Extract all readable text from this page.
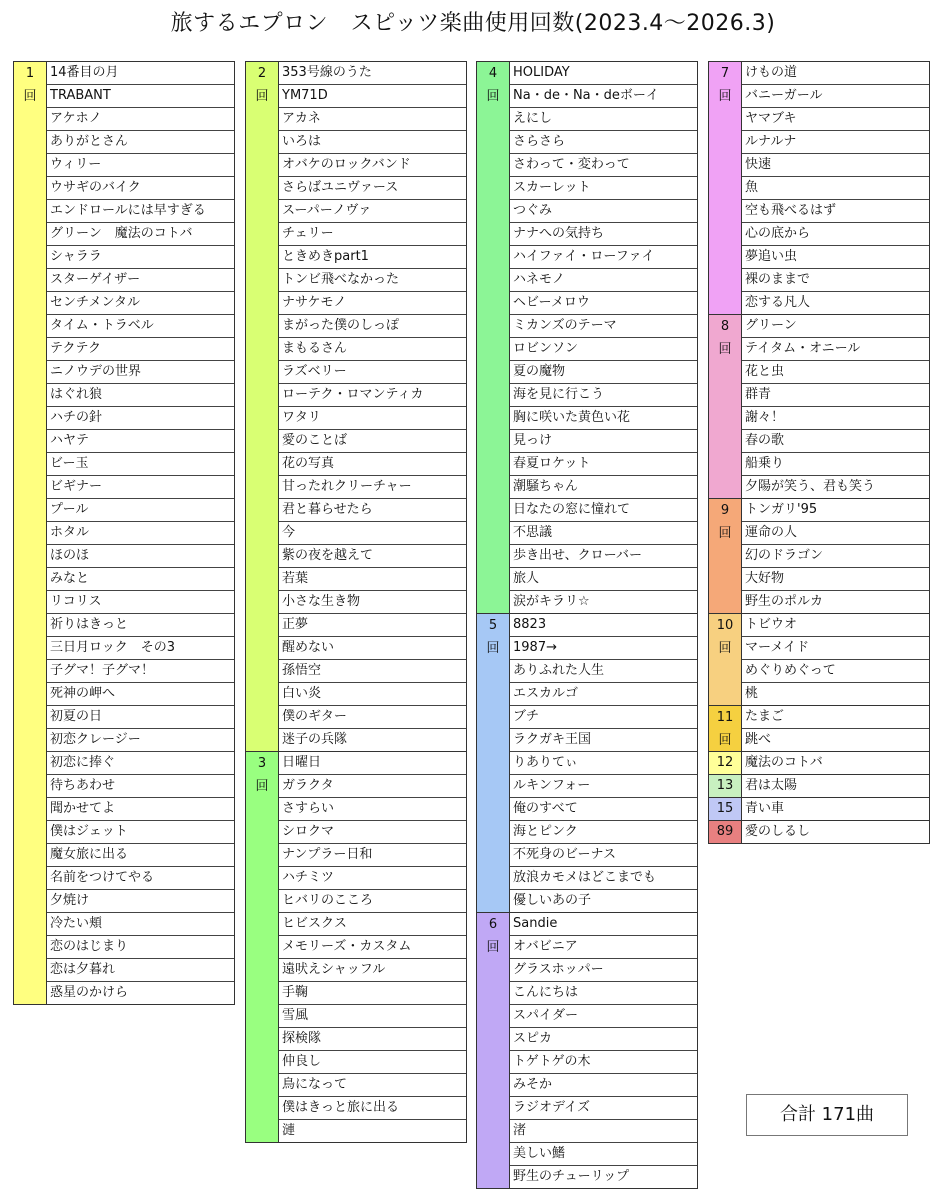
旅するエプロン　スピッツ楽曲使用回数(2023.4〜2026.3)
1
回
14番目の月
TRABANT
アケホノ
ありがとさん
ウィリー
ウサギのバイク
エンドロールには早すぎる
グリーン　魔法のコトバ
シャララ
スターゲイザー
センチメンタル
タイム・トラベル
テクテク
ニノウデの世界
はぐれ狼
ハチの針
ハヤテ
ビー玉
ビギナー
プール
ホタル
ほのほ
みなと
リコリス
祈りはきっと
三日月ロック　その3
子グマ！子グマ！
死神の岬へ
初夏の日
初恋クレージー
初恋に捧ぐ
待ちあわせ
聞かせてよ
僕はジェット
魔女旅に出る
名前をつけてやる
夕焼け
冷たい頬
恋のはじまり
恋は夕暮れ
惑星のかけら
2
回
353号線のうた
YM71D
アカネ
いろは
オバケのロックバンド
さらばユニヴァース
スーパーノヴァ
チェリー
ときめきpart1
トンビ飛べなかった
ナサケモノ
まがった僕のしっぽ
まもるさん
ラズベリー
ローテク・ロマンティカ
ワタリ
愛のことば
花の写真
甘ったれクリーチャー
君と暮らせたら
今
紫の夜を越えて
若葉
小さな生き物
正夢
醒めない
孫悟空
白い炎
僕のギター
迷子の兵隊
3
回
日曜日
ガラクタ
さすらい
シロクマ
ナンプラー日和
ハチミツ
ヒバリのこころ
ヒビスクス
メモリーズ・カスタム
遠吠えシャッフル
手鞠
雪風
探検隊
仲良し
鳥になって
僕はきっと旅に出る
漣
4
回
HOLIDAY
Na・de・Na・deボーイ
えにし
さらさら
さわって・変わって
スカーレット
つぐみ
ナナへの気持ち
ハイファイ・ローファイ
ハネモノ
ヘビーメロウ
ミカンズのテーマ
ロビンソン
夏の魔物
海を見に行こう
胸に咲いた黄色い花
見っけ
春夏ロケット
潮騒ちゃん
日なたの窓に憧れて
不思議
歩き出せ、クローバー
旅人
涙がキラリ☆
5
回
8823
1987→
ありふれた人生
エスカルゴ
ブチ
ラクガキ王国
りありてぃ
ルキンフォー
俺のすべて
海とピンク
不死身のビーナス
放浪カモメはどこまでも
優しいあの子
6
回
Sandie
オバビニア
グラスホッパー
こんにちは
スパイダー
スピカ
トゲトゲの木
みそか
ラジオデイズ
渚
美しい鰭
野生のチューリップ
7
回
けもの道
バニーガール
ヤマブキ
ルナルナ
快速
魚
空も飛べるはず
心の底から
夢追い虫
裸のままで
恋する凡人
8
回
グリーン
テイタム・オニール
花と虫
群青
謝々！
春の歌
船乗り
夕陽が笑う、君も笑う
9
回
トンガリ'95
運命の人
幻のドラゴン
大好物
野生のポルカ
10
回
トビウオ
マーメイド
めぐりめぐって
桃
11
回
たまご
跳べ
12 魔法のコトバ
13 君は太陽
15 青い車
89 愛のしるし
合計 171曲
